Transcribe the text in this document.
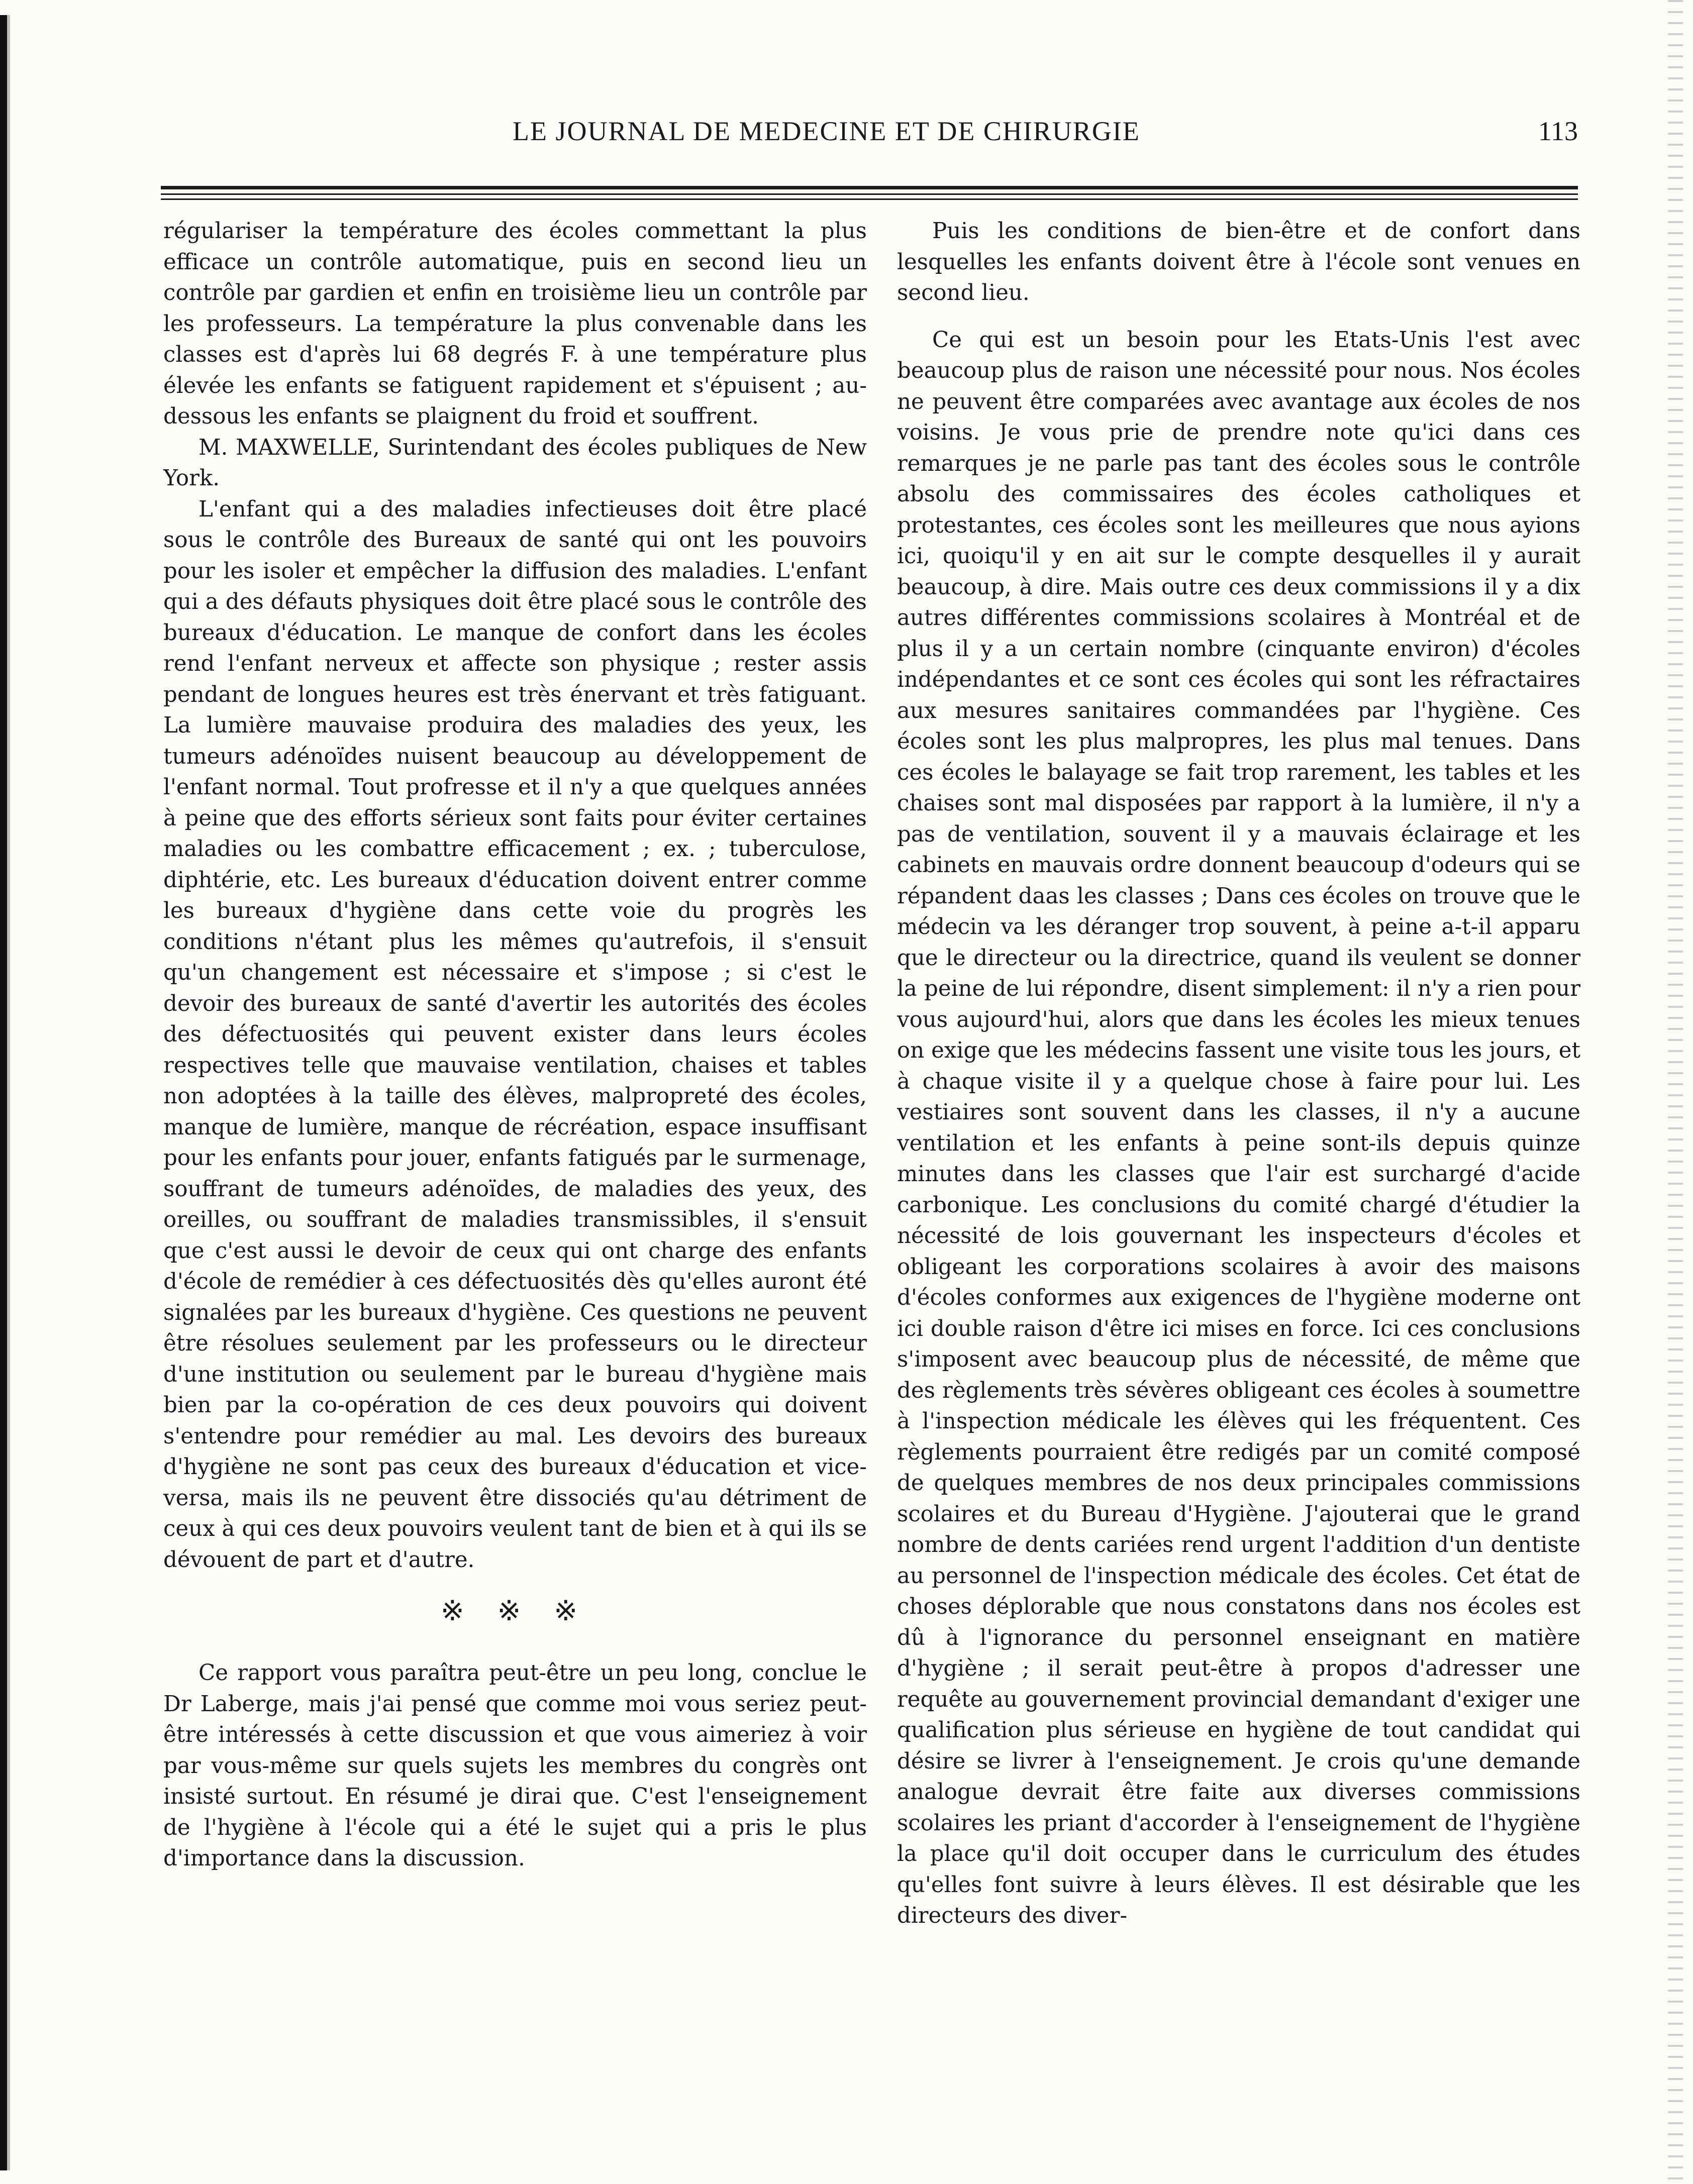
LE JOURNAL DE MEDECINE ET DE CHIRURGIE	113

régulariser la température des écoles commettant la plus efficace un contrôle automatique, puis en second lieu un contrôle par gardien et enfin en troisième lieu un contrôle par les professeurs. La température la plus convenable dans les classes est d'après lui 68 degrés F. à une température plus élevée les enfants se fatiguent rapidement et s'épuisent ; au-dessous les enfants se plaignent du froid et souffrent.

M. MAXWELLE, Surintendant des écoles publiques de New York.

L'enfant qui a des maladies infectieuses doit être placé sous le contrôle des Bureaux de santé qui ont les pouvoirs pour les isoler et empêcher la diffusion des maladies. L'enfant qui a des défauts physiques doit être placé sous le contrôle des bureaux d'éducation. Le manque de confort dans les écoles rend l'enfant nerveux et affecte son physique ; rester assis pendant de longues heures est très énervant et très fatiguant. La lumière mauvaise produira des maladies des yeux, les tumeurs adénoïdes nuisent beaucoup au développement de l'enfant normal. Tout profresse et il n'y a que quelques années à peine que des efforts sérieux sont faits pour éviter certaines maladies ou les combattre efficacement ; ex. ; tuberculose, diphtérie, etc. Les bureaux d'éducation doivent entrer comme les bureaux d'hygiène dans cette voie du progrès les conditions n'étant plus les mêmes qu'autrefois, il s'ensuit qu'un changement est nécessaire et s'impose ; si c'est le devoir des bureaux de santé d'avertir les autorités des écoles des défectuosités qui peuvent exister dans leurs écoles respectives telle que mauvaise ventilation, chaises et tables non adoptées à la taille des élèves, malpropreté des écoles, manque de lumière, manque de récréation, espace insuffisant pour les enfants pour jouer, enfants fatigués par le surmenage, souffrant de tumeurs adénoïdes, de maladies des yeux, des oreilles, ou souffrant de maladies transmissibles, il s'ensuit que c'est aussi le devoir de ceux qui ont charge des enfants d'école de remédier à ces défectuosités dès qu'elles auront été signalées par les bureaux d'hygiène. Ces questions ne peuvent être résolues seulement par les professeurs ou le directeur d'une institution ou seulement par le bureau d'hygiène mais bien par la co-opération de ces deux pouvoirs qui doivent s'entendre pour remédier au mal. Les devoirs des bureaux d'hygiène ne sont pas ceux des bureaux d'éducation et vice-versa, mais ils ne peuvent être dissociés qu'au détriment de ceux à qui ces deux pouvoirs veulent tant de bien et à qui ils se dévouent de part et d'autre.

※ ※ ※

Ce rapport vous paraîtra peut-être un peu long, conclue le Dr Laberge, mais j'ai pensé que comme moi vous seriez peut-être intéressés à cette discussion et que vous aimeriez à voir par vous-même sur quels sujets les membres du congrès ont insisté surtout. En résumé je dirai que. C'est l'enseignement de l'hygiène à l'école qui a été le sujet qui a pris le plus d'importance dans la discussion.

Puis les conditions de bien-être et de confort dans lesquelles les enfants doivent être à l'école sont venues en second lieu.

Ce qui est un besoin pour les Etats-Unis l'est avec beaucoup plus de raison une nécessité pour nous. Nos écoles ne peuvent être comparées avec avantage aux écoles de nos voisins. Je vous prie de prendre note qu'ici dans ces remarques je ne parle pas tant des écoles sous le contrôle absolu des commissaires des écoles catholiques et protestantes, ces écoles sont les meilleures que nous ayions ici, quoiqu'il y en ait sur le compte desquelles il y aurait beaucoup, à dire. Mais outre ces deux commissions il y a dix autres différentes commissions scolaires à Montréal et de plus il y a un certain nombre (cinquante environ) d'écoles indépendantes et ce sont ces écoles qui sont les réfractaires aux mesures sanitaires commandées par l'hygiène. Ces écoles sont les plus malpropres, les plus mal tenues. Dans ces écoles le balayage se fait trop rarement, les tables et les chaises sont mal disposées par rapport à la lumière, il n'y a pas de ventilation, souvent il y a mauvais éclairage et les cabinets en mauvais ordre donnent beaucoup d'odeurs qui se répandent daas les classes ; Dans ces écoles on trouve que le médecin va les déranger trop souvent, à peine a-t-il apparu que le directeur ou la directrice, quand ils veulent se donner la peine de lui répondre, disent simplement: il n'y a rien pour vous aujourd'hui, alors que dans les écoles les mieux tenues on exige que les médecins fassent une visite tous les jours, et à chaque visite il y a quelque chose à faire pour lui. Les vestiaires sont souvent dans les classes, il n'y a aucune ventilation et les enfants à peine sont-ils depuis quinze minutes dans les classes que l'air est surchargé d'acide carbonique. Les conclusions du comité chargé d'étudier la nécessité de lois gouvernant les inspecteurs d'écoles et obligeant les corporations scolaires à avoir des maisons d'écoles conformes aux exigences de l'hygiène moderne ont ici double raison d'être ici mises en force. Ici ces conclusions s'imposent avec beaucoup plus de nécessité, de même que des règlements très sévères obligeant ces écoles à soumettre à l'inspection médicale les élèves qui les fréquentent. Ces règlements pourraient être redigés par un comité composé de quelques membres de nos deux principales commissions scolaires et du Bureau d'Hygiène. J'ajouterai que le grand nombre de dents cariées rend urgent l'addition d'un dentiste au personnel de l'inspection médicale des écoles. Cet état de choses déplorable que nous constatons dans nos écoles est dû à l'ignorance du personnel enseignant en matière d'hygiène ; il serait peut-être à propos d'adresser une requête au gouvernement provincial demandant d'exiger une qualification plus sérieuse en hygiène de tout candidat qui désire se livrer à l'enseignement. Je crois qu'une demande analogue devrait être faite aux diverses commissions scolaires les priant d'accorder à l'enseignement de l'hygiène la place qu'il doit occuper dans le curriculum des études qu'elles font suivre à leurs élèves. Il est désirable que les directeurs des diver-
